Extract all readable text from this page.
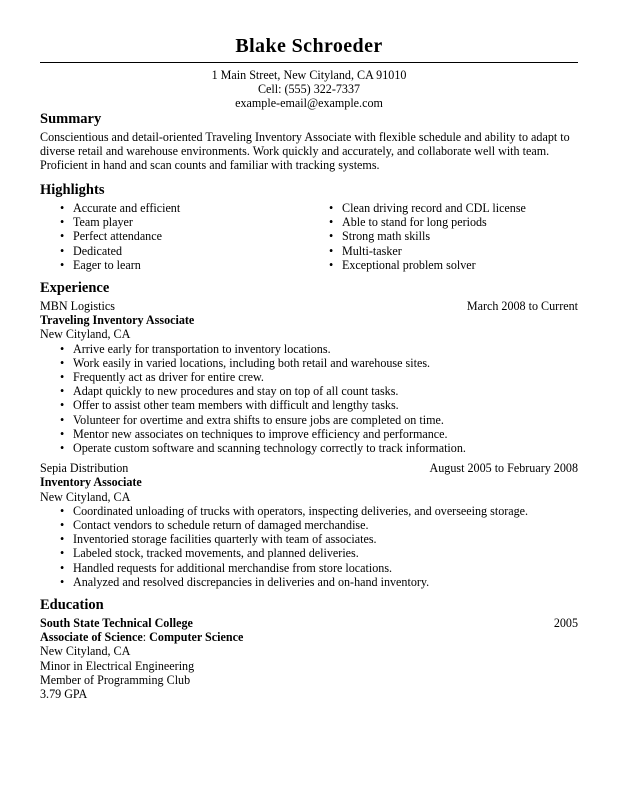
Blake Schroeder
1 Main Street, New Cityland, CA 91010
Cell: (555) 322-7337
example-email@example.com
Summary

Conscientious and detail-oriented Traveling Inventory Associate with flexible schedule and ability to adapt to diverse retail and warehouse environments. Work quickly and accurately, and collaborate well with team. Proficient in hand and scan counts and familiar with tracking systems.

Highlights
• Accurate and efficient
• Team player
• Perfect attendance
• Dedicated
• Eager to learn
• Clean driving record and CDL license
• Able to stand for long periods
• Strong math skills
• Multi-tasker
• Exceptional problem solver
Experience
MBN Logistics	March 2008 to Current
Traveling Inventory Associate
New Cityland, CA
• Arrive early for transportation to inventory locations.
• Work easily in varied locations, including both retail and warehouse sites.
• Frequently act as driver for entire crew.
• Adapt quickly to new procedures and stay on top of all count tasks.
• Offer to assist other team members with difficult and lengthy tasks.
• Volunteer for overtime and extra shifts to ensure jobs are completed on time.
• Mentor new associates on techniques to improve efficiency and performance.
• Operate custom software and scanning technology correctly to track information.
Sepia Distribution	August 2005 to February 2008
Inventory Associate
New Cityland, CA
• Coordinated unloading of trucks with operators, inspecting deliveries, and overseeing storage.
• Contact vendors to schedule return of damaged merchandise.
• Inventoried storage facilities quarterly with team of associates.
• Labeled stock, tracked movements, and planned deliveries.
• Handled requests for additional merchandise from store locations.
• Analyzed and resolved discrepancies in deliveries and on-hand inventory.
Education
South State Technical College	2005
Associate of Science: Computer Science
New Cityland, CA
Minor in Electrical Engineering
Member of Programming Club
3.79 GPA
